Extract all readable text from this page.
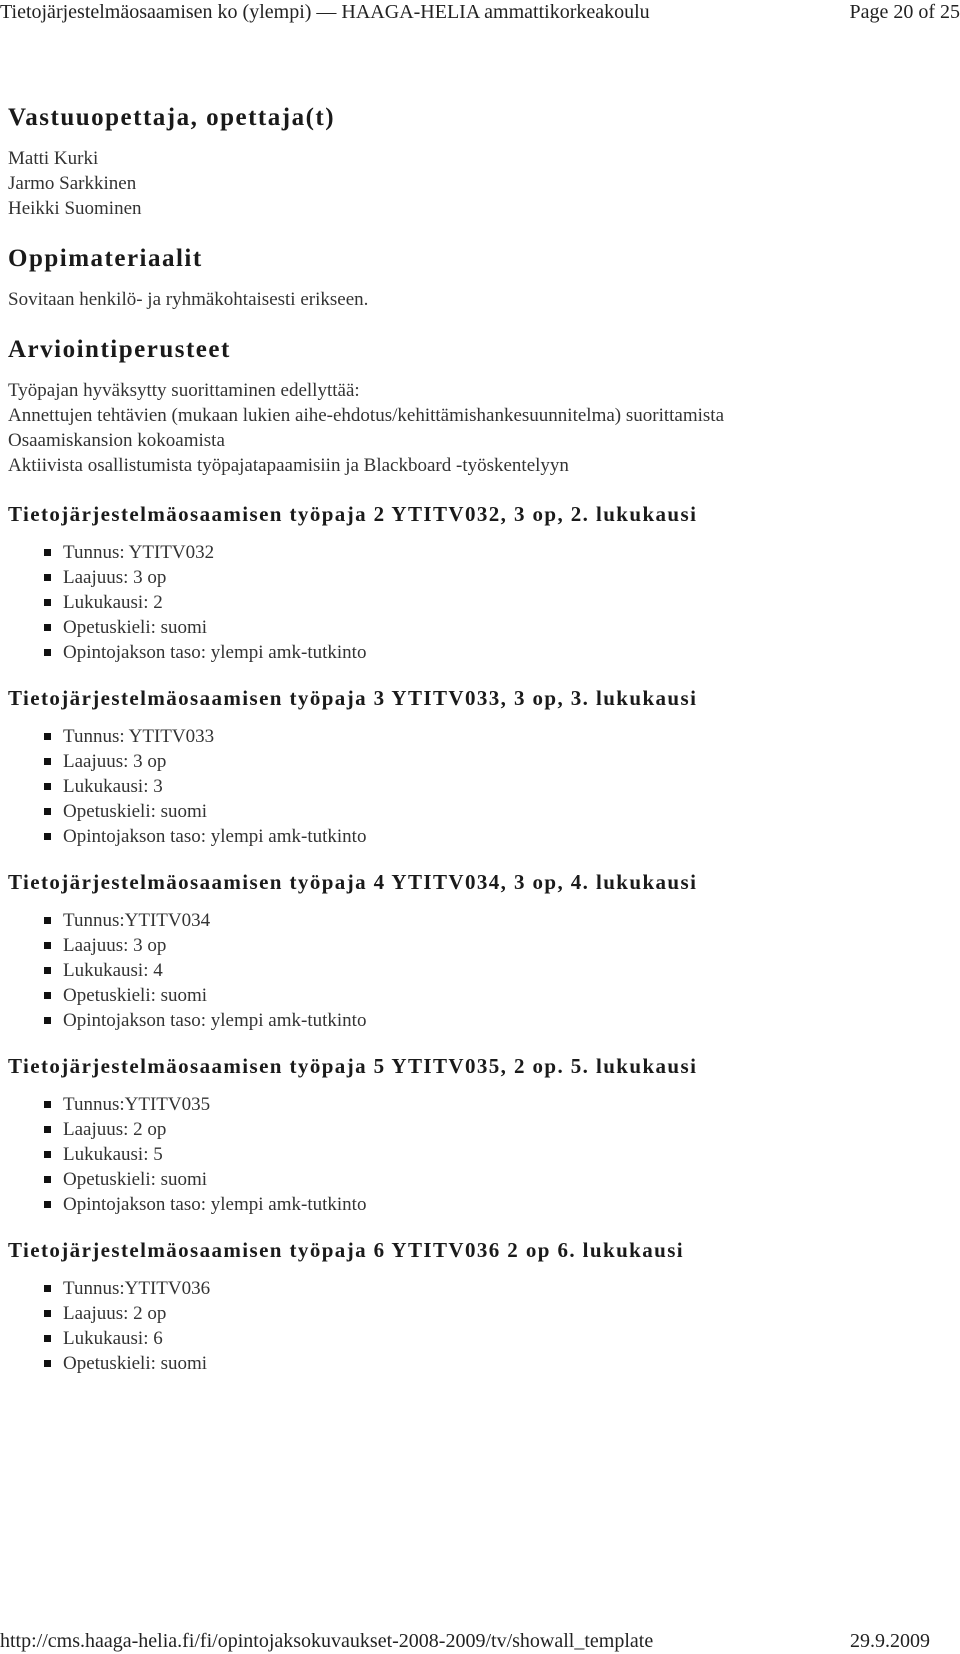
Tietojärjestelmäosaamisen ko (ylempi) — HAAGA-HELIA ammattikorkeakoulu	Page 20 of 25
Vastuuopettaja, opettaja(t)
Matti Kurki
Jarmo Sarkkinen
Heikki Suominen
Oppimateriaalit
Sovitaan henkilö- ja ryhmäkohtaisesti erikseen.
Arviointiperusteet
Työpajan hyväksytty suorittaminen edellyttää:
Annettujen tehtävien (mukaan lukien aihe-ehdotus/kehittämishankesuunnitelma) suorittamista
Osaamiskansion kokoamista
Aktiivista osallistumista työpajatapaamisiin ja Blackboard -työskentelyyn
Tietojärjestelmäosaamisen työpaja 2 YTITV032, 3 op, 2. lukukausi
Tunnus: YTITV032
Laajuus: 3 op
Lukukausi: 2
Opetuskieli: suomi
Opintojakson taso: ylempi amk-tutkinto
Tietojärjestelmäosaamisen työpaja 3 YTITV033, 3 op, 3. lukukausi
Tunnus: YTITV033
Laajuus: 3 op
Lukukausi: 3
Opetuskieli: suomi
Opintojakson taso: ylempi amk-tutkinto
Tietojärjestelmäosaamisen työpaja 4 YTITV034, 3 op, 4. lukukausi
Tunnus:YTITV034
Laajuus: 3 op
Lukukausi: 4
Opetuskieli: suomi
Opintojakson taso: ylempi amk-tutkinto
Tietojärjestelmäosaamisen työpaja 5 YTITV035, 2 op. 5. lukukausi
Tunnus:YTITV035
Laajuus: 2 op
Lukukausi: 5
Opetuskieli: suomi
Opintojakson taso: ylempi amk-tutkinto
Tietojärjestelmäosaamisen työpaja 6 YTITV036 2 op 6. lukukausi
Tunnus:YTITV036
Laajuus: 2 op
Lukukausi: 6
Opetuskieli: suomi
http://cms.haaga-helia.fi/fi/opintojaksokuvaukset-2008-2009/tv/showall_template	29.9.2009
